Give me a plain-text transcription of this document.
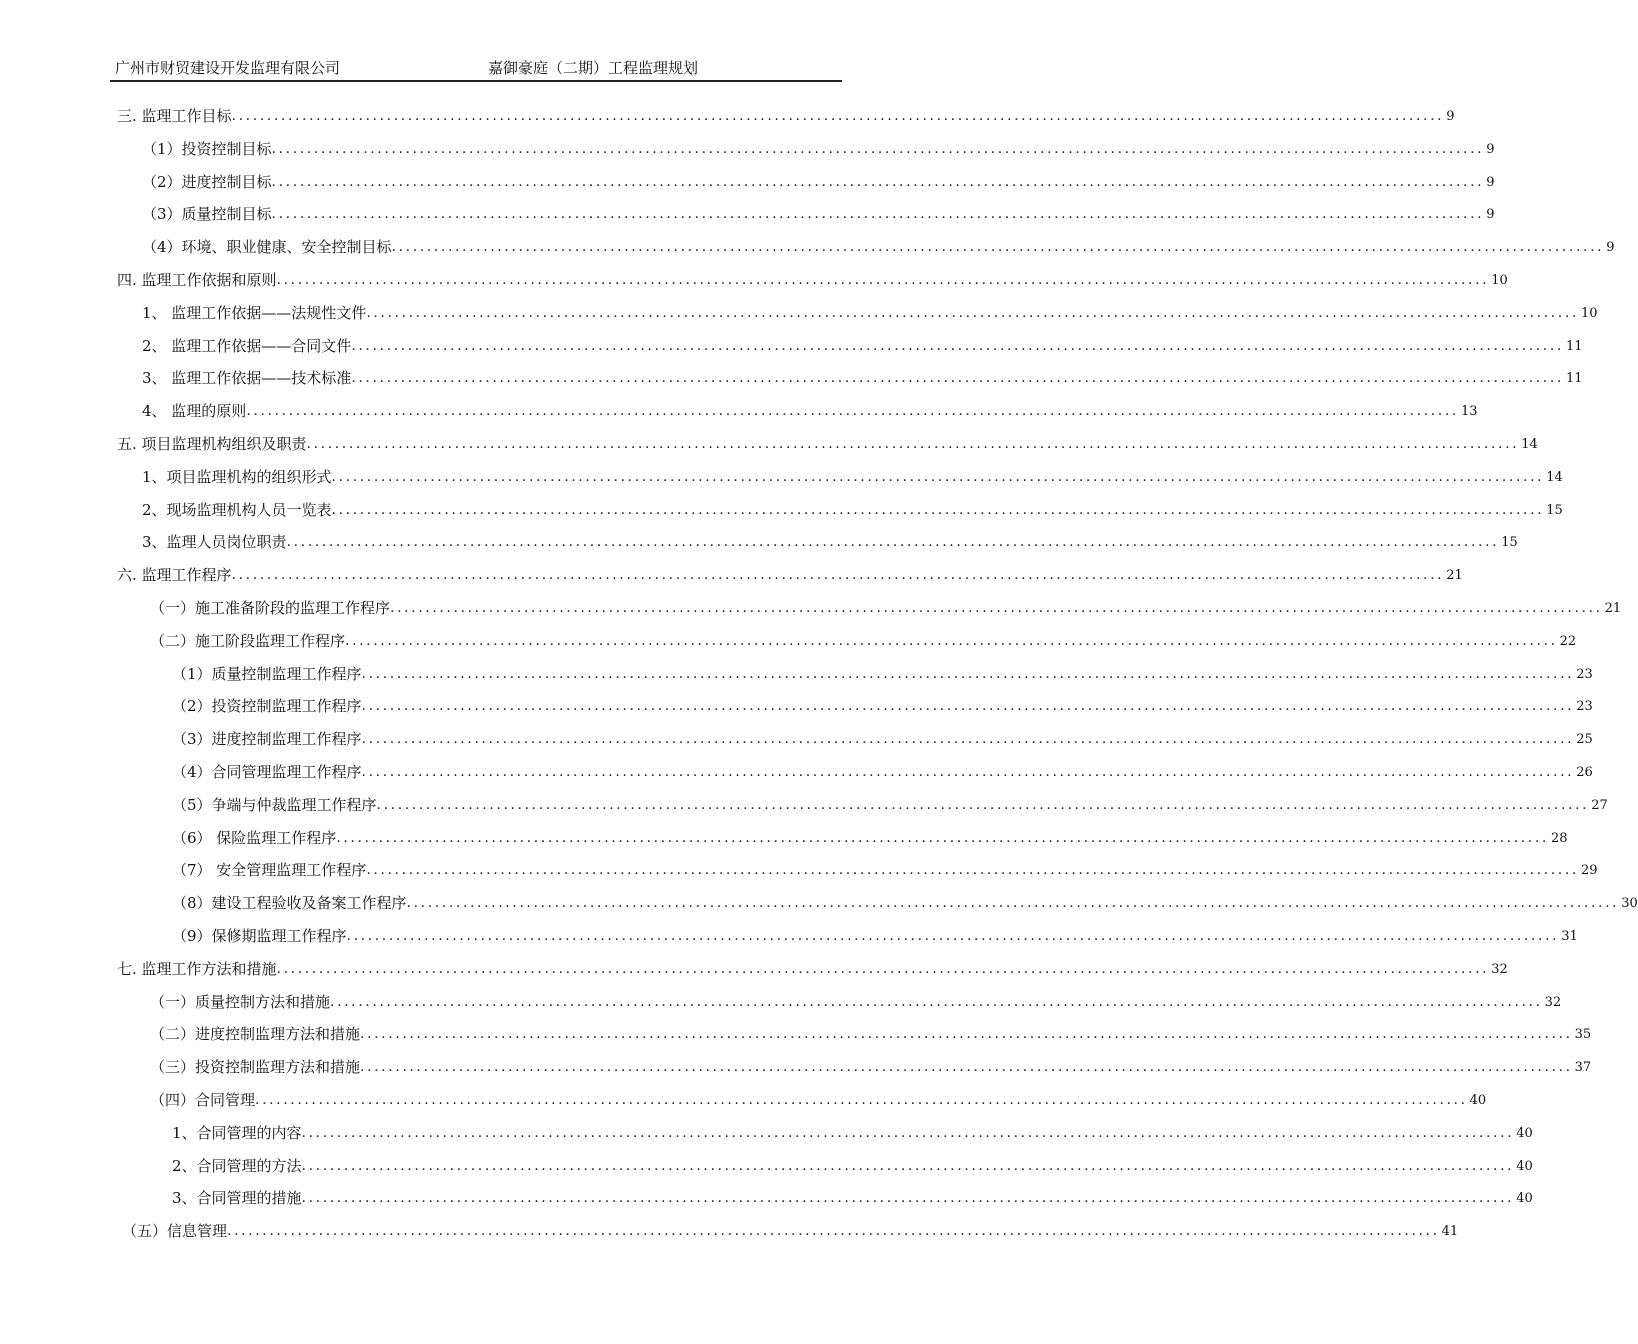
广州市财贸建设开发监理有限公司	嘉御豪庭（二期）工程监理规划
三. 监理工作目标 ............................................................................................................................................................................ 9
（1）投资控制目标 ............................................................................................................................................................................ 9
（2）进度控制目标 ............................................................................................................................................................................ 9
（3）质量控制目标 ............................................................................................................................................................................ 9
（4）环境、职业健康、安全控制目标 ............................................................................................................................................................................ 9
四. 监理工作依据和原则 ............................................................................................................................................................................ 10
1、 监理工作依据——法规性文件 ............................................................................................................................................................................ 10
2、 监理工作依据——合同文件 ............................................................................................................................................................................ 11
3、 监理工作依据——技术标准 ............................................................................................................................................................................ 11
4、 监理的原则 ............................................................................................................................................................................ 13
五. 项目监理机构组织及职责 ............................................................................................................................................................................ 14
1、项目监理机构的组织形式 ............................................................................................................................................................................ 14
2、现场监理机构人员一览表 ............................................................................................................................................................................ 15
3、监理人员岗位职责 ............................................................................................................................................................................ 15
六. 监理工作程序 ............................................................................................................................................................................ 21
（一）施工准备阶段的监理工作程序 ............................................................................................................................................................................ 21
（二）施工阶段监理工作程序 ............................................................................................................................................................................ 22
（1）质量控制监理工作程序 ............................................................................................................................................................................ 23
（2）投资控制监理工作程序 ............................................................................................................................................................................ 23
（3）进度控制监理工作程序 ............................................................................................................................................................................ 25
（4）合同管理监理工作程序 ............................................................................................................................................................................ 26
（5）争端与仲裁监理工作程序 ............................................................................................................................................................................ 27
（6） 保险监理工作程序 ............................................................................................................................................................................ 28
（7） 安全管理监理工作程序 ............................................................................................................................................................................ 29
（8）建设工程验收及备案工作程序 ............................................................................................................................................................................ 30
（9）保修期监理工作程序 ............................................................................................................................................................................ 31
七. 监理工作方法和措施 ............................................................................................................................................................................ 32
（一）质量控制方法和措施 ............................................................................................................................................................................ 32
（二）进度控制监理方法和措施 ............................................................................................................................................................................ 35
（三）投资控制监理方法和措施 ............................................................................................................................................................................ 37
（四）合同管理 ............................................................................................................................................................................ 40
1、合同管理的内容 ............................................................................................................................................................................ 40
2、合同管理的方法 ............................................................................................................................................................................ 40
3、合同管理的措施 ............................................................................................................................................................................ 40
（五）信息管理 ............................................................................................................................................................................ 41
